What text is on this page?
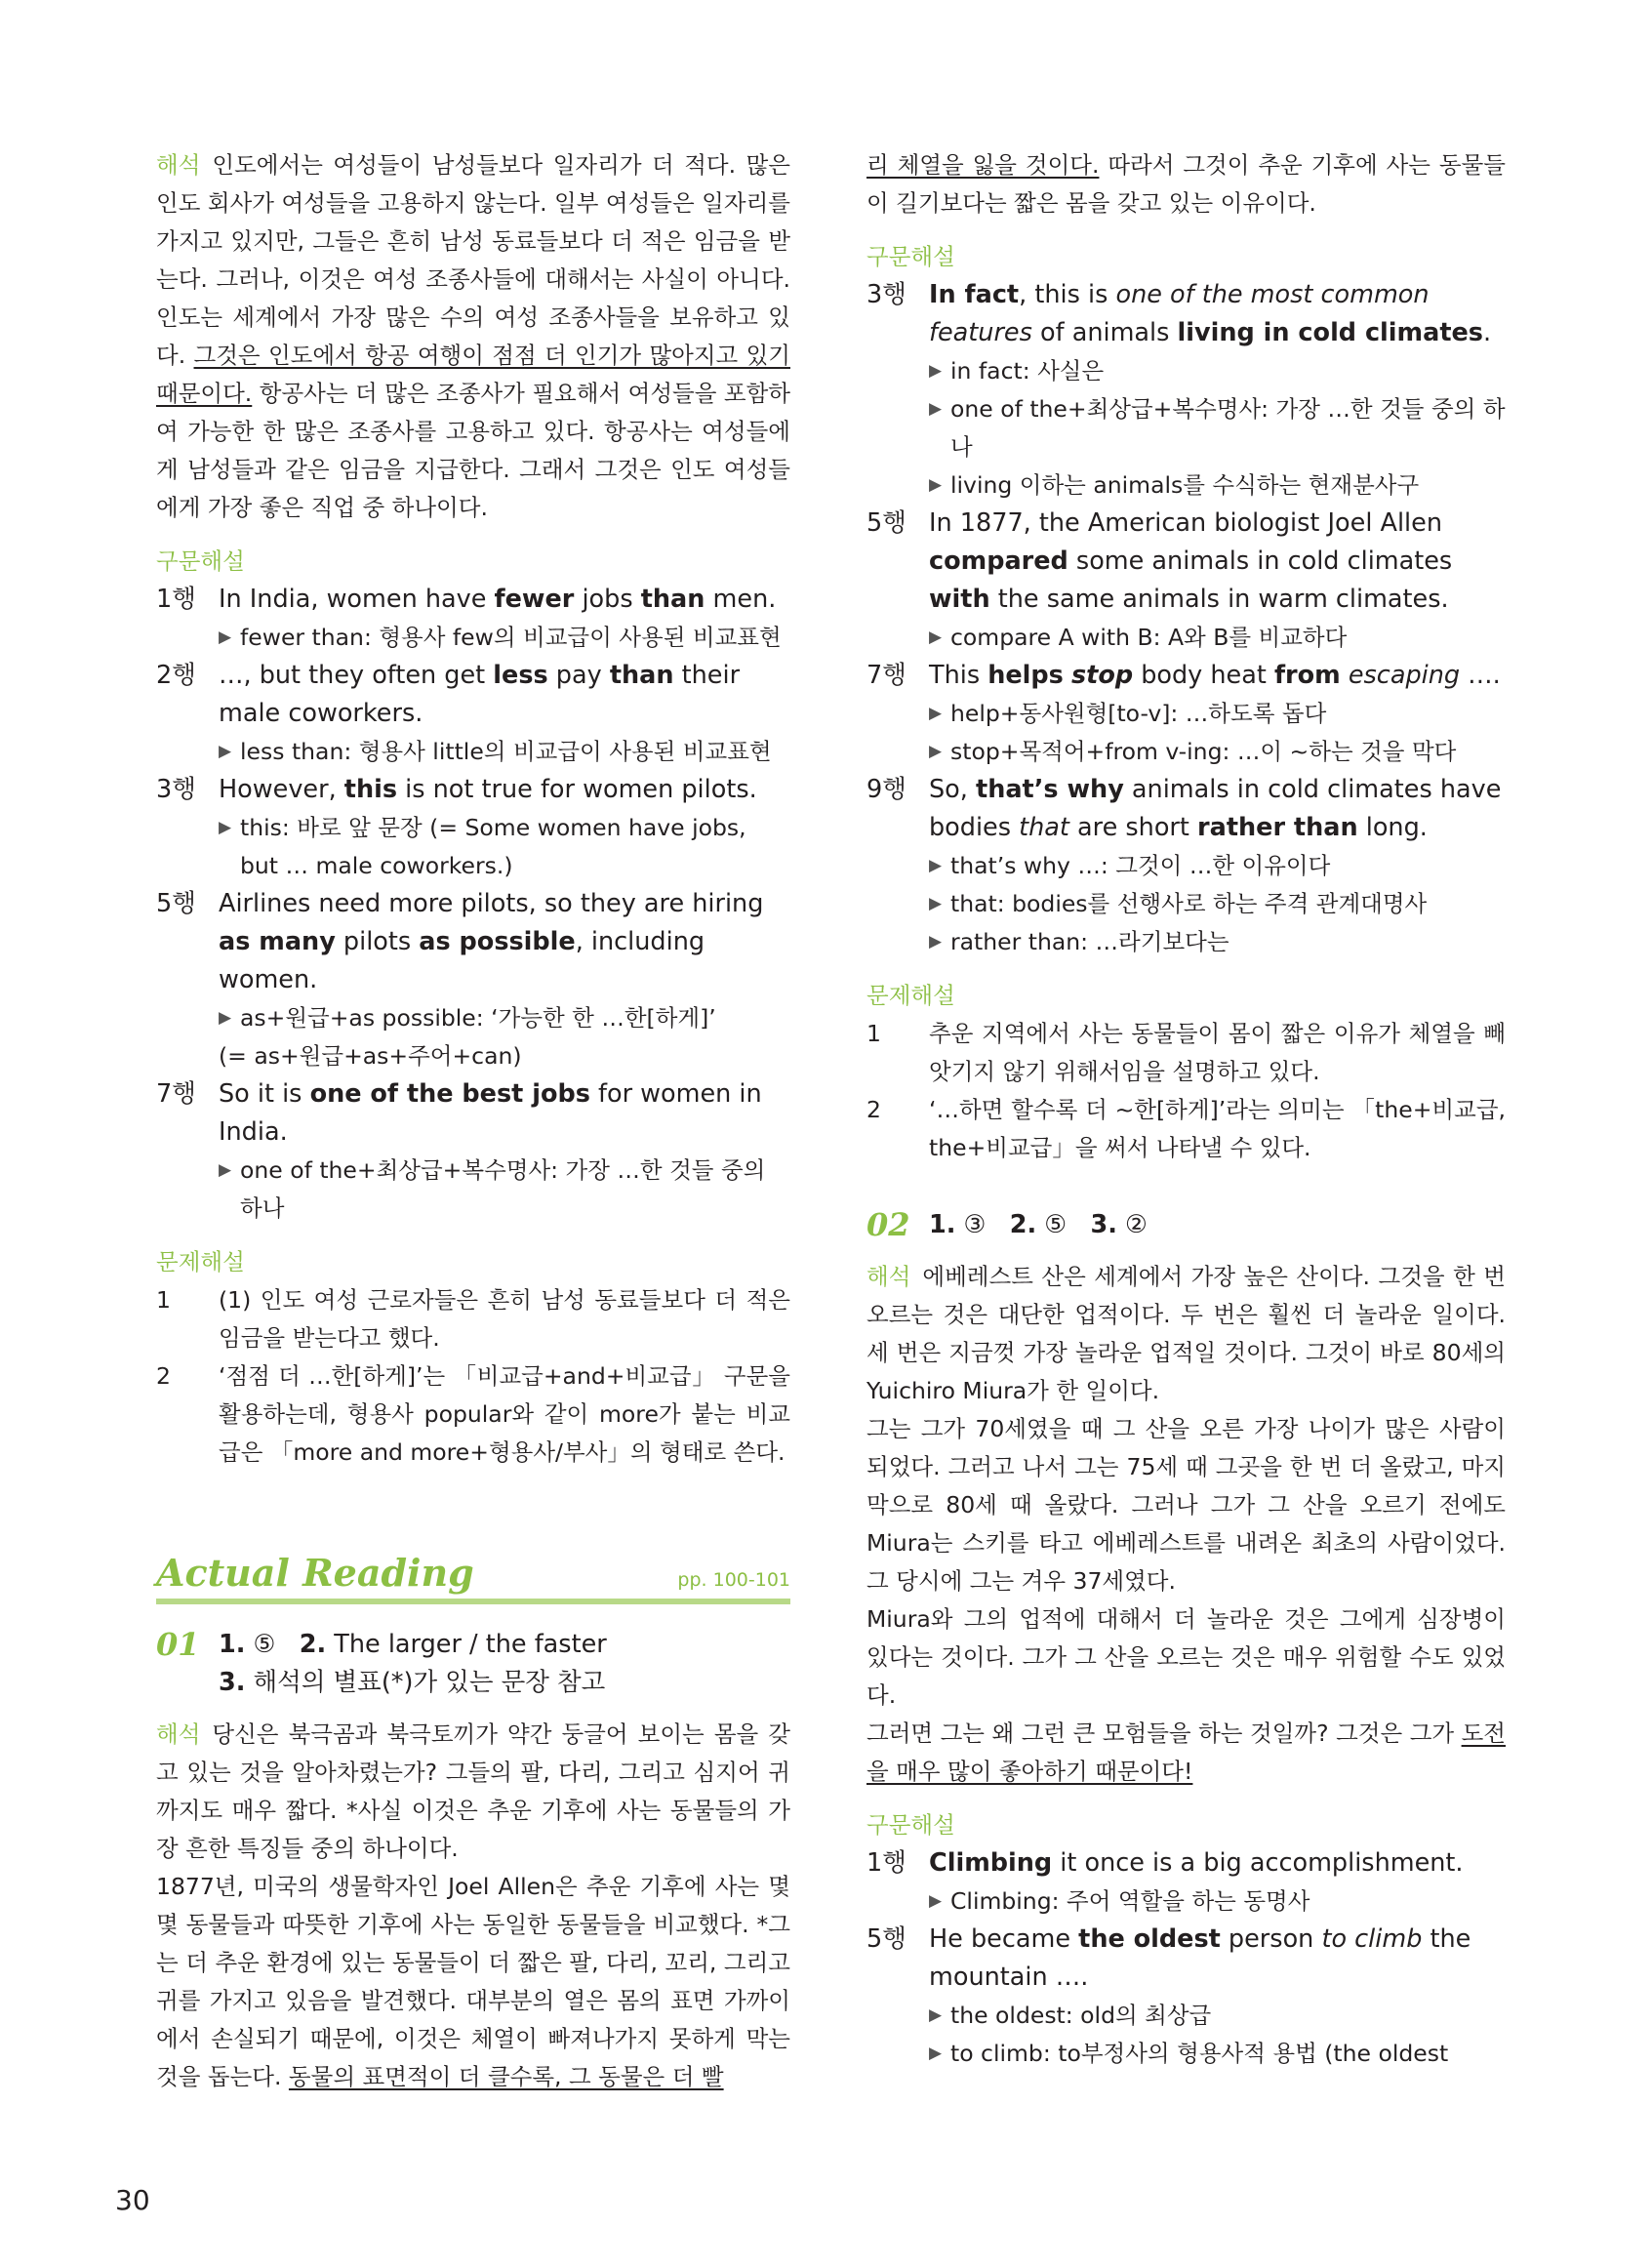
해석 인도에서는 여성들이 남성들보다 일자리가 더 적다. 많은 인도 회사가 여성들을 고용하지 않는다. 일부 여성들은 일자리를 가지고 있지만, 그들은 흔히 남성 동료들보다 더 적은 임금을 받는다. 그러나, 이것은 여성 조종사들에 대해서는 사실이 아니다. 인도는 세계에서 가장 많은 수의 여성 조종사들을 보유하고 있다. 그것은 인도에서 항공 여행이 점점 더 인기가 많아지고 있기 때문이다. 항공사는 더 많은 조종사가 필요해서 여성들을 포함하여 가능한 한 많은 조종사를 고용하고 있다. 항공사는 여성들에게 남성들과 같은 임금을 지급한다. 그래서 그것은 인도 여성들에게 가장 좋은 직업 중 하나이다.

구문해설
1행 In India, women have fewer jobs than men.
▶ fewer than: 형용사 few의 비교급이 사용된 비교표현
2행 …, but they often get less pay than their male coworkers.
▶ less than: 형용사 little의 비교급이 사용된 비교표현
3행 However, this is not true for women pilots.
▶ this: 바로 앞 문장 (= Some women have jobs, but … male coworkers.)
5행 Airlines need more pilots, so they are hiring as many pilots as possible, including women.
▶ as+원급+as possible: ‘가능한 한 …한[하게]’
(= as+원급+as+주어+can)
7행 So it is one of the best jobs for women in India.
▶ one of the+최상급+복수명사: 가장 …한 것들 중의 하나
문제해설
1	(1) 인도 여성 근로자들은 흔히 남성 동료들보다 더 적은 임금을 받는다고 했다.
2	‘점점 더 …한[하게]’는 「비교급+and+비교급」 구문을 활용하는데, 형용사 popular와 같이 more가 붙는 비교급은 「more and more+형용사/부사」의 형태로 쓴다.
Actual Reading	pp. 100-101
01 1. ⑤ 2. The larger / the faster
3. 해석의 별표(*)가 있는 문장 참고

해석 당신은 북극곰과 북극토끼가 약간 둥글어 보이는 몸을 갖고 있는 것을 알아차렸는가? 그들의 팔, 다리, 그리고 심지어 귀까지도 매우 짧다. *사실 이것은 추운 기후에 사는 동물들의 가장 흔한 특징들 중의 하나이다.
1877년, 미국의 생물학자인 Joel Allen은 추운 기후에 사는 몇몇 동물들과 따뜻한 기후에 사는 동일한 동물들을 비교했다. *그는 더 추운 환경에 있는 동물들이 더 짧은 팔, 다리, 꼬리, 그리고 귀를 가지고 있음을 발견했다. 대부분의 열은 몸의 표면 가까이에서 손실되기 때문에, 이것은 체열이 빠져나가지 못하게 막는 것을 돕는다. 동물의 표면적이 더 클수록, 그 동물은 더 빨

리 체열을 잃을 것이다. 따라서 그것이 추운 기후에 사는 동물들이 길기보다는 짧은 몸을 갖고 있는 이유이다.

구문해설
3행 In fact, this is one of the most common features of animals living in cold climates.
▶ in fact: 사실은
▶ one of the+최상급+복수명사: 가장 …한 것들 중의 하나
▶ living 이하는 animals를 수식하는 현재분사구
5행 In 1877, the American biologist Joel Allen compared some animals in cold climates with the same animals in warm climates.
▶ compare A with B: A와 B를 비교하다
7행 This helps stop body heat from escaping ….
▶ help+동사원형[to-v]: …하도록 돕다
▶ stop+목적어+from v-ing: …이 ~하는 것을 막다
9행 So, that’s why animals in cold climates have bodies that are short rather than long.
▶ that’s why …: 그것이 …한 이유이다
▶ that: bodies를 선행사로 하는 주격 관계대명사
▶ rather than: …라기보다는
문제해설
1	추운 지역에서 사는 동물들이 몸이 짧은 이유가 체열을 빼앗기지 않기 위해서임을 설명하고 있다.
2	‘…하면 할수록 더 ~한[하게]’라는 의미는 「the+비교급, the+비교급」을 써서 나타낼 수 있다.
02 1. ③ 2. ⑤ 3. ②

해석 에베레스트 산은 세계에서 가장 높은 산이다. 그것을 한 번 오르는 것은 대단한 업적이다. 두 번은 훨씬 더 놀라운 일이다. 세 번은 지금껏 가장 놀라운 업적일 것이다. 그것이 바로 80세의 Yuichiro Miura가 한 일이다.
그는 그가 70세였을 때 그 산을 오른 가장 나이가 많은 사람이 되었다. 그러고 나서 그는 75세 때 그곳을 한 번 더 올랐고, 마지막으로 80세 때 올랐다. 그러나 그가 그 산을 오르기 전에도 Miura는 스키를 타고 에베레스트를 내려온 최초의 사람이었다. 그 당시에 그는 겨우 37세였다.
Miura와 그의 업적에 대해서 더 놀라운 것은 그에게 심장병이 있다는 것이다. 그가 그 산을 오르는 것은 매우 위험할 수도 있었다.
그러면 그는 왜 그런 큰 모험들을 하는 것일까? 그것은 그가 도전을 매우 많이 좋아하기 때문이다!

구문해설
1행 Climbing it once is a big accomplishment.
▶ Climbing: 주어 역할을 하는 동명사
5행 He became the oldest person to climb the mountain ….
▶ the oldest: old의 최상급
▶ to climb: to부정사의 형용사적 용법 (the oldest
30
